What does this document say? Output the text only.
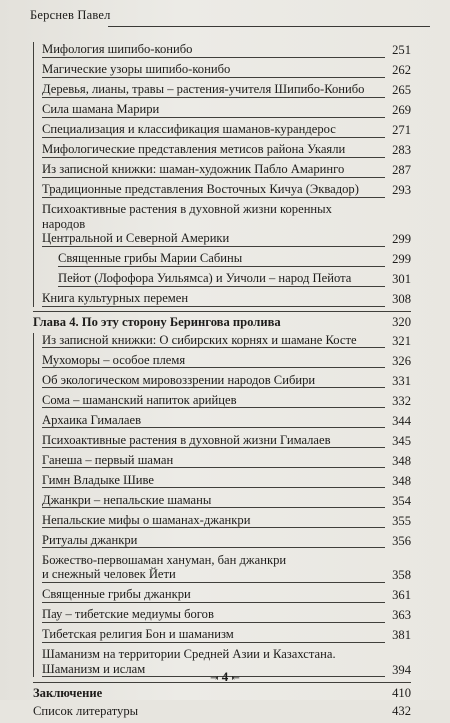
Берснев Павел
Мифология шипибо-конибо	251
Магические узоры шипибо-конибо	262
Деревья, лианы, травы – растения-учителя Шипибо-Конибо	265
Сила шамана Марири	269
Специализация и классификация шаманов-курандерос	271
Мифологические представления метисов района Укаяли	283
Из записной книжки: шаман-художник Пабло Амаринго	287
Традиционные представления Восточных Кичуа (Эквадор)	293
Психоактивные растения в духовной жизни коренных народов
Центральной и Северной Америки	299
Священные грибы Марии Сабины	299
Пейот (Лофофора Уильямса) и Уичоли – народ Пейота	301
Книга культурных перемен	308
Глава 4. По эту сторону Берингова пролива	320
Из записной книжки: О сибирских корнях и шамане Косте	321
Мухоморы – особое племя	326
Об экологическом мировоззрении народов Сибири	331
Сома – шаманский напиток арийцев	332
Архаика Гималаев	344
Психоактивные растения в духовной жизни Гималаев	345
Ганеша – первый шаман	348
Гимн Владыке Шиве	348
Джанкри – непальские шаманы	354
Непальские мифы о шаманах-джанкри	355
Ритуалы джанкри	356
Божество-первошаман хануман, бан джанкри
и снежный человек Йети	358
Священные грибы джанкри	361
Пау – тибетские медиумы богов	363
Тибетская религия Бон и шаманизм	381
Шаманизм на территории Средней Азии и Казахстана.
Шаманизм и ислам	394
Заключение	410
Список литературы	432
⇥ 4 ⇤
